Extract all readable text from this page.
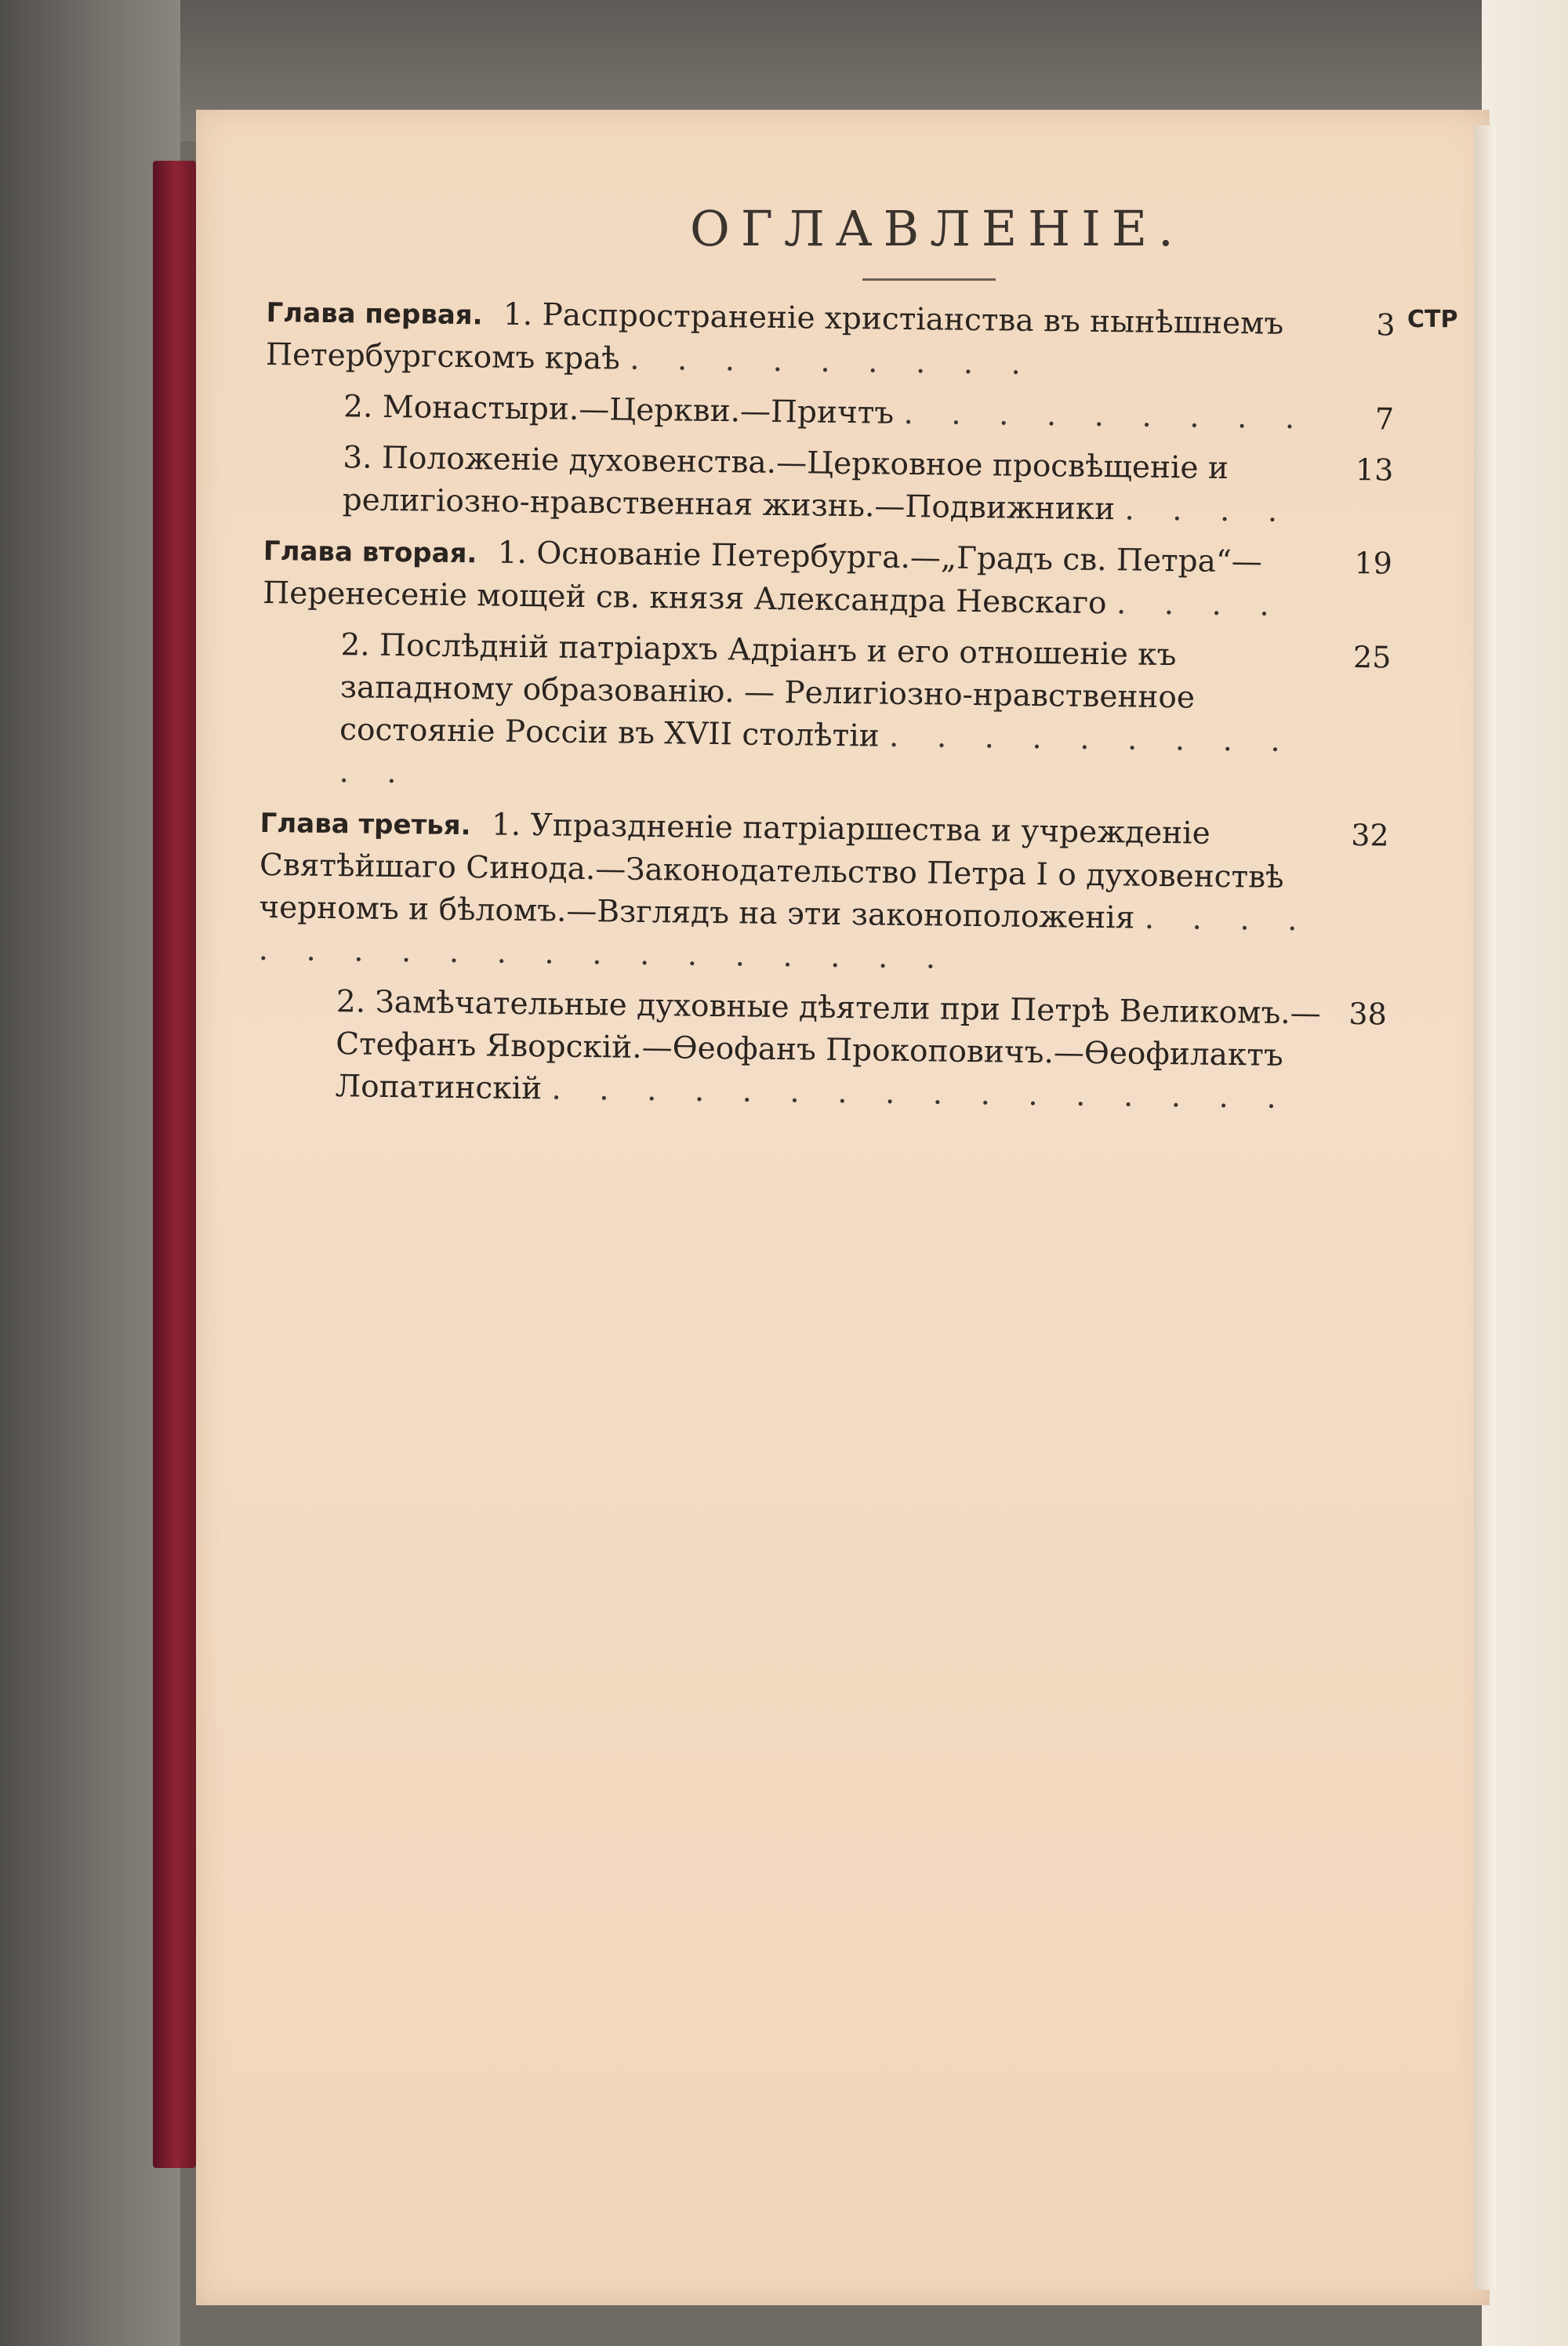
ОГЛАВЛЕНІЕ.
СТР
Глава первая. 1. Распространеніе христіанства въ нынѣшнемъ Петербургскомъ краѣ . . . . . . . . .
3
2. Монастыри.—Церкви.—Причтъ . . . . . . . . .	7
3. Положеніе духовенства.—Церковное просвѣщеніе и религіозно-нравственная жизнь.—Подвижники . . . .
13
Глава вторая. 1. Основаніе Петербурга.—„Градъ св. Петра“—Перенесеніе мощей св. князя Александра Невскаго . . . .
19
2. Послѣдній патріархъ Адріанъ и его отношеніе къ западному образованію. — Религіозно-нравственное состояніе Россіи въ XVII столѣтіи . . . . . . . . . . .
25
Глава третья. 1. Упраздненіе патріаршества и учрежденіе Святѣйшаго Синода.—Законодательство Петра I о духовенствѣ черномъ и бѣломъ.—Взглядъ на эти законоположенія . . . . . . . . . . . . . . . . . . .
32
2. Замѣчательные духовные дѣятели при Петрѣ Великомъ.—Стефанъ Яворскій.—Ѳеофанъ Прокоповичъ.—Ѳеофилактъ Лопатинскій . . . . . . . . . . . . . . . .
38
